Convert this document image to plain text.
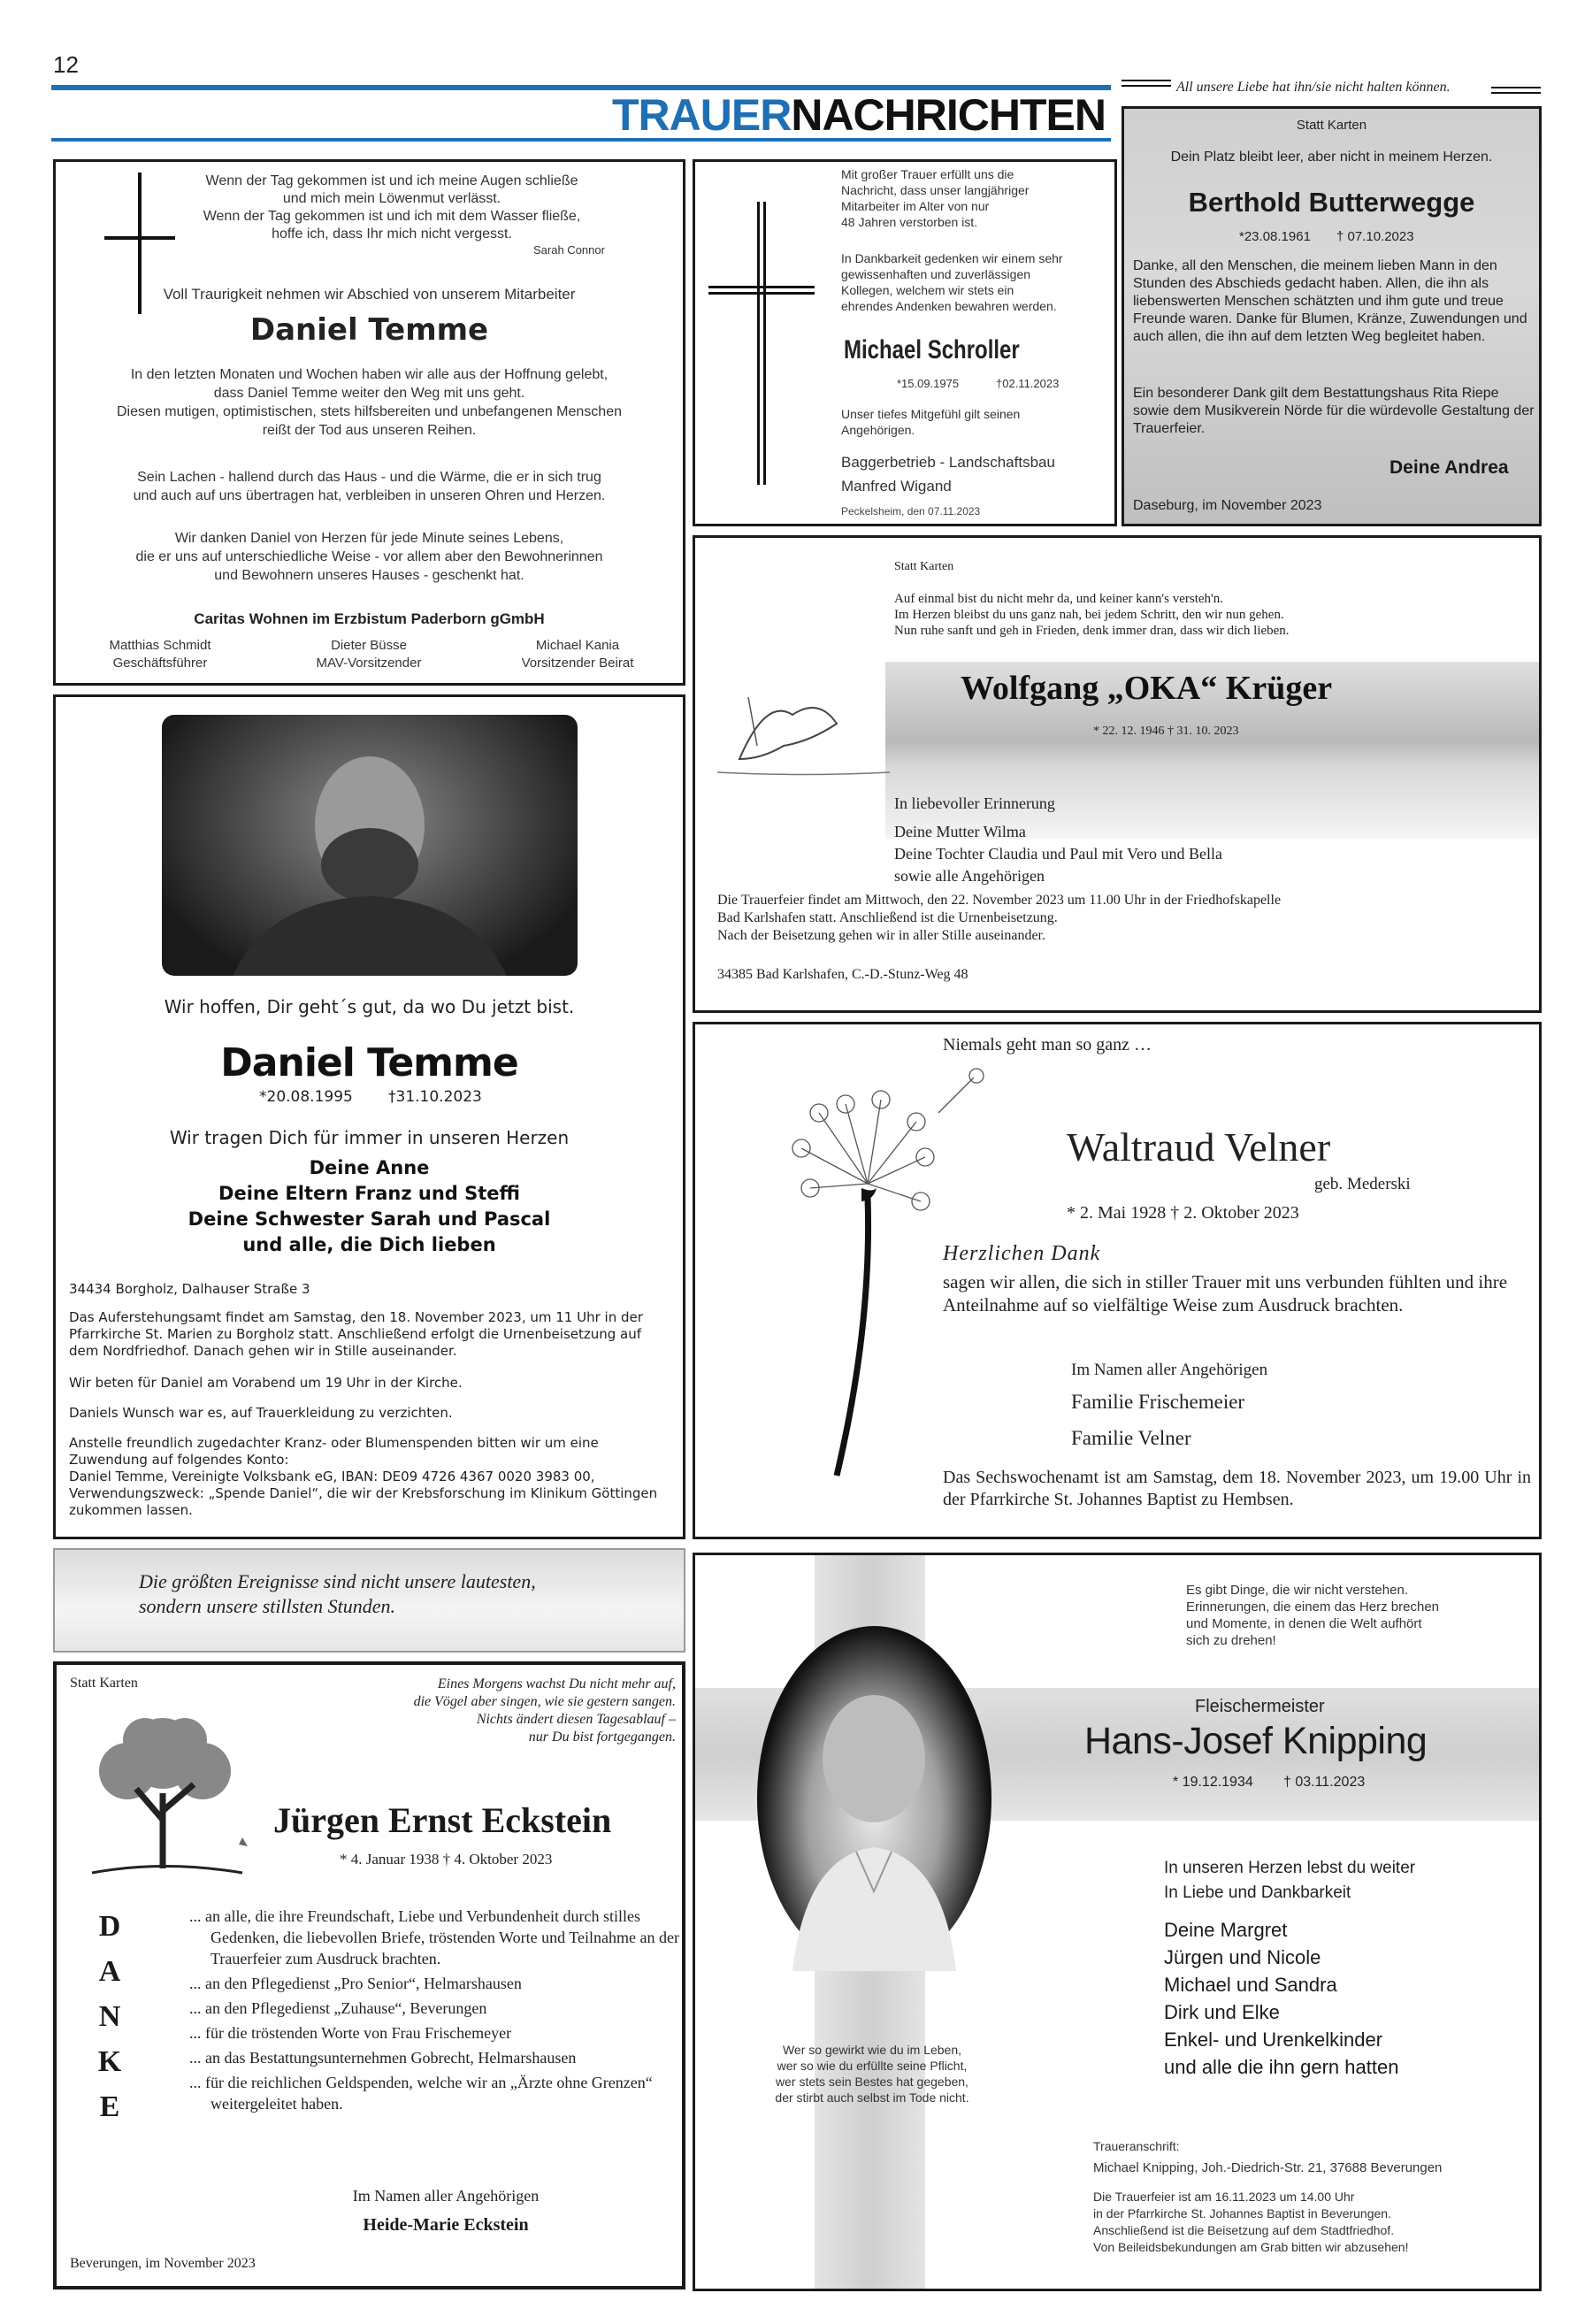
12
TRAUERNACHRICHTEN
All unsere Liebe hat ihn/sie nicht halten können.
Wenn der Tag gekommen ist und ich meine Augen schließe
und mich mein Löwenmut verlässt.
Wenn der Tag gekommen ist und ich mit dem Wasser fließe,
hoffe ich, dass Ihr mich nicht vergesst.
Sarah Connor
Voll Traurigkeit nehmen wir Abschied von unserem Mitarbeiter
Daniel Temme
In den letzten Monaten und Wochen haben wir alle aus der Hoffnung gelebt,
dass Daniel Temme weiter den Weg mit uns geht.
Diesen mutigen, optimistischen, stets hilfsbereiten und unbefangenen Menschen
reißt der Tod aus unseren Reihen.
Sein Lachen - hallend durch das Haus - und die Wärme, die er in sich trug
und auch auf uns übertragen hat, verbleiben in unseren Ohren und Herzen.
Wir danken Daniel von Herzen für jede Minute seines Lebens,
die er uns auf unterschiedliche Weise - vor allem aber den Bewohnerinnen
und Bewohnern unseres Hauses - geschenkt hat.
Caritas Wohnen im Erzbistum Paderborn gGmbH
Matthias Schmidt
Geschäftsführer
Dieter Büsse
MAV-Vorsitzender
Michael Kania
Vorsitzender Beirat
Mit großer Trauer erfüllt uns die
Nachricht, dass unser langjähriger
Mitarbeiter im Alter von nur
48 Jahren verstorben ist.
In Dankbarkeit gedenken wir einem sehr
gewissenhaften und zuverlässigen
Kollegen, welchem wir stets ein
ehrendes Andenken bewahren werden.
Michael Schroller
*15.09.1975	†02.11.2023
Unser tiefes Mitgefühl gilt seinen
Angehörigen.
Baggerbetrieb - Landschaftsbau
Manfred Wigand
Peckelsheim, den 07.11.2023
Statt Karten
Dein Platz bleibt leer, aber nicht in meinem Herzen.
Berthold Butterwegge
*23.08.1961 † 07.10.2023
Danke, all den Menschen, die meinem lieben Mann in den Stunden des Abschieds gedacht haben. Allen, die ihn als liebenswerten Menschen schätzten und ihm gute und treue Freunde waren. Danke für Blumen, Kränze, Zuwendungen und auch allen, die ihn auf dem letzten Weg begleitet haben.
Ein besonderer Dank gilt dem Bestattungshaus Rita Riepe sowie dem Musikverein Nörde für die würdevolle Gestaltung der Trauerfeier.
Deine Andrea
Daseburg, im November 2023
Wir hoffen, Dir geht´s gut, da wo Du jetzt bist.
Daniel Temme
*20.08.1995 †31.10.2023
Wir tragen Dich für immer in unseren Herzen
Deine Anne
Deine Eltern Franz und Steffi
Deine Schwester Sarah und Pascal
und alle, die Dich lieben
34434 Borgholz, Dalhauser Straße 3
Das Auferstehungsamt findet am Samstag, den 18. November 2023, um 11 Uhr in der Pfarrkirche St. Marien zu Borgholz statt. Anschließend erfolgt die Urnenbeisetzung auf dem Nordfriedhof. Danach gehen wir in Stille auseinander.
Wir beten für Daniel am Vorabend um 19 Uhr in der Kirche.
Daniels Wunsch war es, auf Trauerkleidung zu verzichten.
Anstelle freundlich zugedachter Kranz- oder Blumenspenden bitten wir um eine Zuwendung auf folgendes Konto:
Daniel Temme, Vereinigte Volksbank eG, IBAN: DE09 4726 4367 0020 3983 00,
Verwendungszweck: „Spende Daniel“, die wir der Krebsforschung im Klinikum Göttingen zukommen lassen.
Statt Karten
Auf einmal bist du nicht mehr da, und keiner kann's versteh'n.
Im Herzen bleibst du uns ganz nah, bei jedem Schritt, den wir nun gehen.
Nun ruhe sanft und geh in Frieden, denk immer dran, dass wir dich lieben.
Wolfgang „OKA“ Krüger
* 22. 12. 1946 † 31. 10. 2023
In liebevoller Erinnerung
Deine Mutter Wilma
Deine Tochter Claudia und Paul mit Vero und Bella
sowie alle Angehörigen
Die Trauerfeier findet am Mittwoch, den 22. November 2023 um 11.00 Uhr in der Friedhofskapelle
Bad Karlshafen statt. Anschließend ist die Urnenbeisetzung.
Nach der Beisetzung gehen wir in aller Stille auseinander.
34385 Bad Karlshafen, C.-D.-Stunz-Weg 48
Niemals geht man so ganz …
Waltraud Velner
geb. Mederski
* 2. Mai 1928 † 2. Oktober 2023
Herzlichen Dank
sagen wir allen, die sich in stiller Trauer mit uns verbunden fühlten und ihre Anteilnahme auf so vielfältige Weise zum Ausdruck brachten.
Im Namen aller Angehörigen
Familie Frischemeier
Familie Velner
Das Sechswochenamt ist am Samstag, dem 18. November 2023, um 19.00 Uhr in der Pfarrkirche St. Johannes Baptist zu Hembsen.
Die größten Ereignisse sind nicht unsere lautesten,
sondern unsere stillsten Stunden.
Statt Karten	Eines Morgens wachst Du nicht mehr auf,
die Vögel aber singen, wie sie gestern sangen.
Nichts ändert diesen Tagesablauf –
nur Du bist fortgegangen.
Jürgen Ernst Eckstein
* 4. Januar 1938 † 4. Oktober 2023
D
A
N
K
E
... an alle, die ihre Freundschaft, Liebe und Verbundenheit durch stilles Gedenken, die liebevollen Briefe, tröstenden Worte und Teilnahme an der Trauerfeier zum Ausdruck brachten.
... an den Pflegedienst „Pro Senior“, Helmarshausen
... an den Pflegedienst „Zuhause“, Beverungen
... für die tröstenden Worte von Frau Frischemeyer
... an das Bestattungsunternehmen Gobrecht, Helmarshausen
... für die reichlichen Geldspenden, welche wir an „Ärzte ohne Grenzen“ weitergeleitet haben.
Im Namen aller Angehörigen
Heide-Marie Eckstein
Beverungen, im November 2023
Es gibt Dinge, die wir nicht verstehen.
Erinnerungen, die einem das Herz brechen
und Momente, in denen die Welt aufhört
sich zu drehen!
Fleischermeister
Hans-Josef Knipping
* 19.12.1934 † 03.11.2023
In unseren Herzen lebst du weiter
In Liebe und Dankbarkeit
Deine Margret
Jürgen und Nicole
Michael und Sandra
Dirk und Elke
Enkel- und Urenkelkinder
und alle die ihn gern hatten
Wer so gewirkt wie du im Leben,
wer so wie du erfüllte seine Pflicht,
wer stets sein Bestes hat gegeben,
der stirbt auch selbst im Tode nicht.
Traueranschrift:
Michael Knipping, Joh.-Diedrich-Str. 21, 37688 Beverungen
Die Trauerfeier ist am 16.11.2023 um 14.00 Uhr
in der Pfarrkirche St. Johannes Baptist in Beverungen.
Anschließend ist die Beisetzung auf dem Stadtfriedhof.
Von Beileidsbekundungen am Grab bitten wir abzusehen!
